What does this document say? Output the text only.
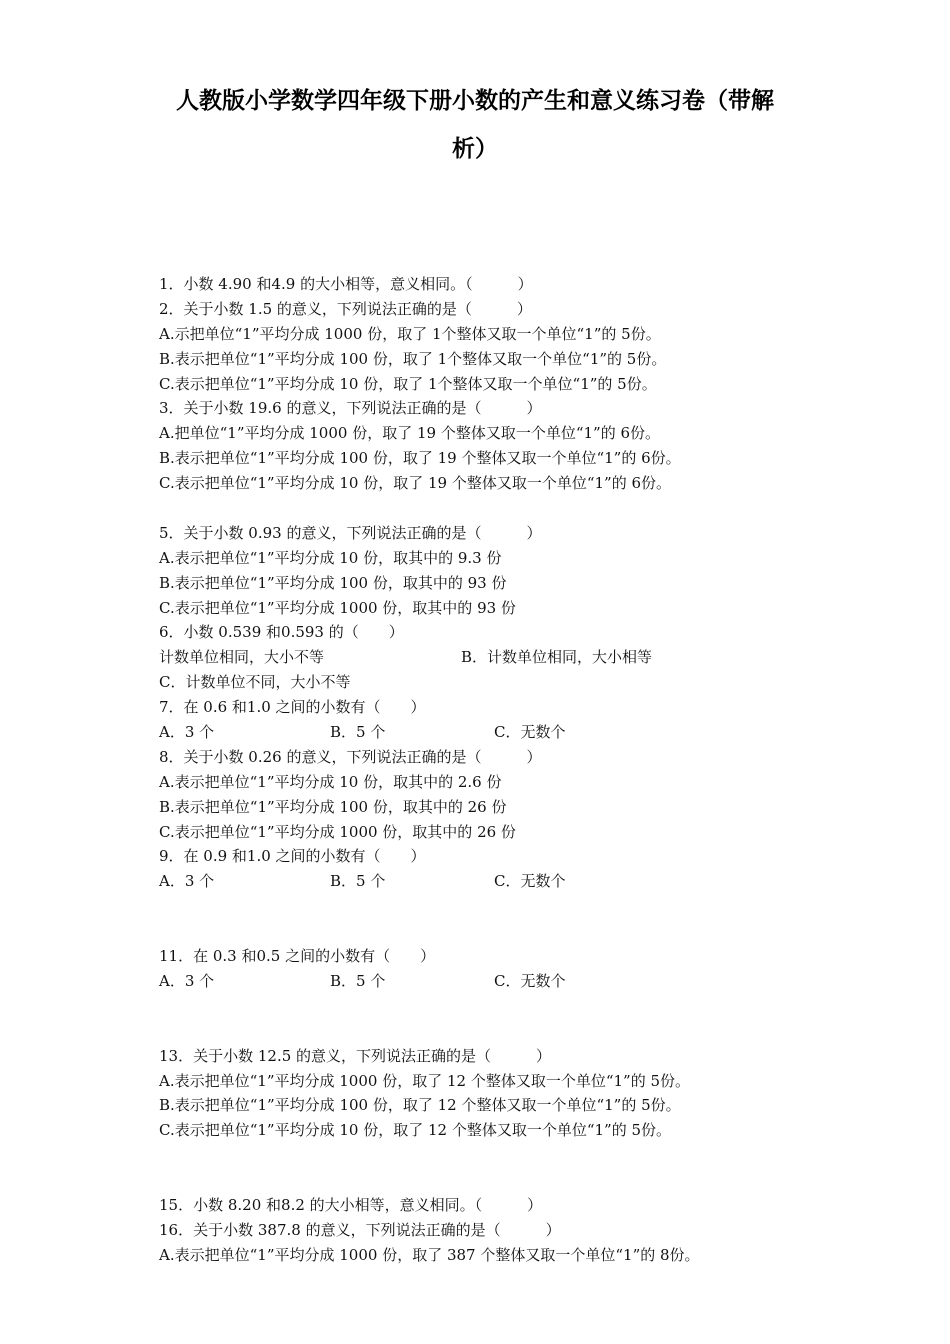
人教版小学数学四年级下册小数的产生和意义练习卷（带解
析）
1．小数 4.90 和4.9 的大小相等，意义相同。（　　　）
2．关于小数 1.5 的意义，下列说法正确的是（　　　）
A.示把单位“1”平均分成 1000 份，取了 1个整体又取一个单位“1”的 5份。
B.表示把单位“1”平均分成 100 份，取了 1个整体又取一个单位“1”的 5份。
C.表示把单位“1”平均分成 10 份，取了 1个整体又取一个单位“1”的 5份。
3．关于小数 19.6 的意义，下列说法正确的是（　　　）
A.把单位“1”平均分成 1000 份，取了 19 个整体又取一个单位“1”的 6份。
B.表示把单位“1”平均分成 100 份，取了 19 个整体又取一个单位“1”的 6份。
C.表示把单位“1”平均分成 10 份，取了 19 个整体又取一个单位“1”的 6份。
5．关于小数 0.93 的意义，下列说法正确的是（　　　）
A.表示把单位“1”平均分成 10 份，取其中的 9.3 份
B.表示把单位“1”平均分成 100 份，取其中的 93 份
C.表示把单位“1”平均分成 1000 份，取其中的 93 份
6．小数 0.539 和0.593 的（　　）
计数单位相同，大小不等	B．计数单位相同，大小相等
C．计数单位不同，大小不等
7．在 0.6 和1.0 之间的小数有（　　）
A．3 个	B．5 个	C．无数个
8．关于小数 0.26 的意义，下列说法正确的是（　　　）
A.表示把单位“1”平均分成 10 份，取其中的 2.6 份
B.表示把单位“1”平均分成 100 份，取其中的 26 份
C.表示把单位“1”平均分成 1000 份，取其中的 26 份
9．在 0.9 和1.0 之间的小数有（　　）
A．3 个	B．5 个	C．无数个
11．在 0.3 和0.5 之间的小数有（　　）
A．3 个	B．5 个	C．无数个
13．关于小数 12.5 的意义，下列说法正确的是（　　　）
A.表示把单位“1”平均分成 1000 份，取了 12 个整体又取一个单位“1”的 5份。
B.表示把单位“1”平均分成 100 份，取了 12 个整体又取一个单位“1”的 5份。
C.表示把单位“1”平均分成 10 份，取了 12 个整体又取一个单位“1”的 5份。
15．小数 8.20 和8.2 的大小相等，意义相同。（　　　）
16．关于小数 387.8 的意义，下列说法正确的是（　　　）
A.表示把单位“1”平均分成 1000 份，取了 387 个整体又取一个单位“1”的 8份。
